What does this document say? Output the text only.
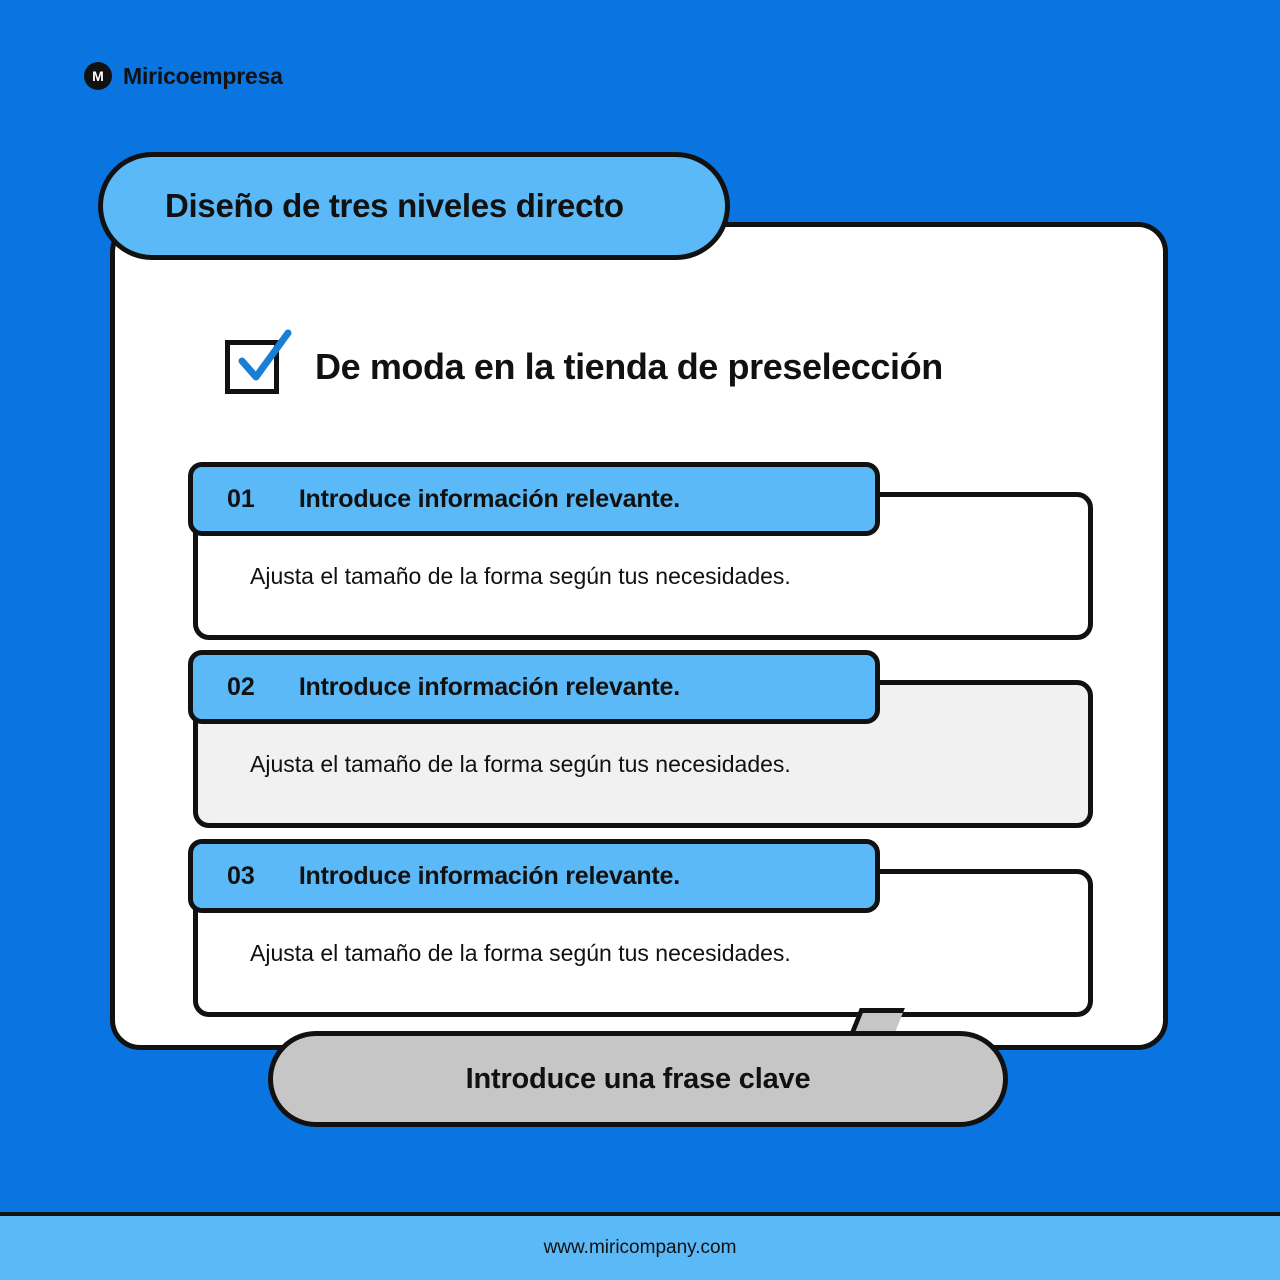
M Miricoempresa
Diseño de tres niveles directo
De moda en la tienda de preselección
01 Introduce información relevante.
Ajusta el tamaño de la forma según tus necesidades.
02 Introduce información relevante.
Ajusta el tamaño de la forma según tus necesidades.
03 Introduce información relevante.
Ajusta el tamaño de la forma según tus necesidades.
Introduce una frase clave
www.miricompany.com
